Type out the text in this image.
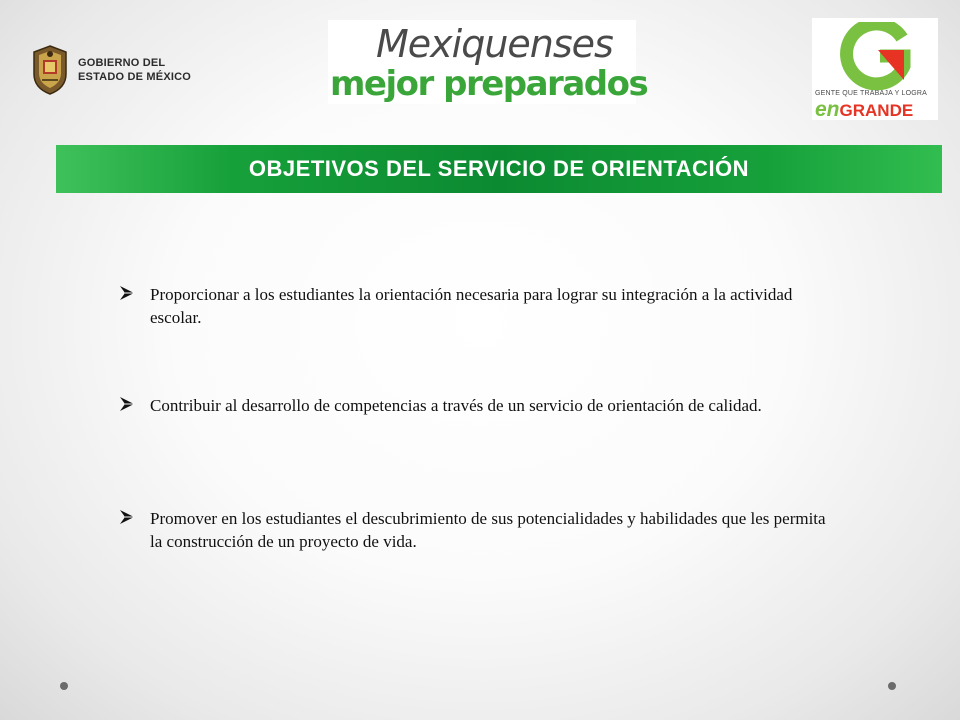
GOBIERNO DEL
ESTADO DE MÉXICO
Mexiquenses
mejor preparados	GENTE QUE TRABAJA Y LOGRA
enGRANDE
OBJETIVOS DEL SERVICIO DE ORIENTACIÓN
Proporcionar a los estudiantes la orientación necesaria para lograr su integración a la actividad escolar.
Contribuir al desarrollo de competencias a través de un servicio de orientación de calidad.
Promover en los estudiantes el descubrimiento de sus potencialidades y habilidades que les permita la construcción de un proyecto de vida.
